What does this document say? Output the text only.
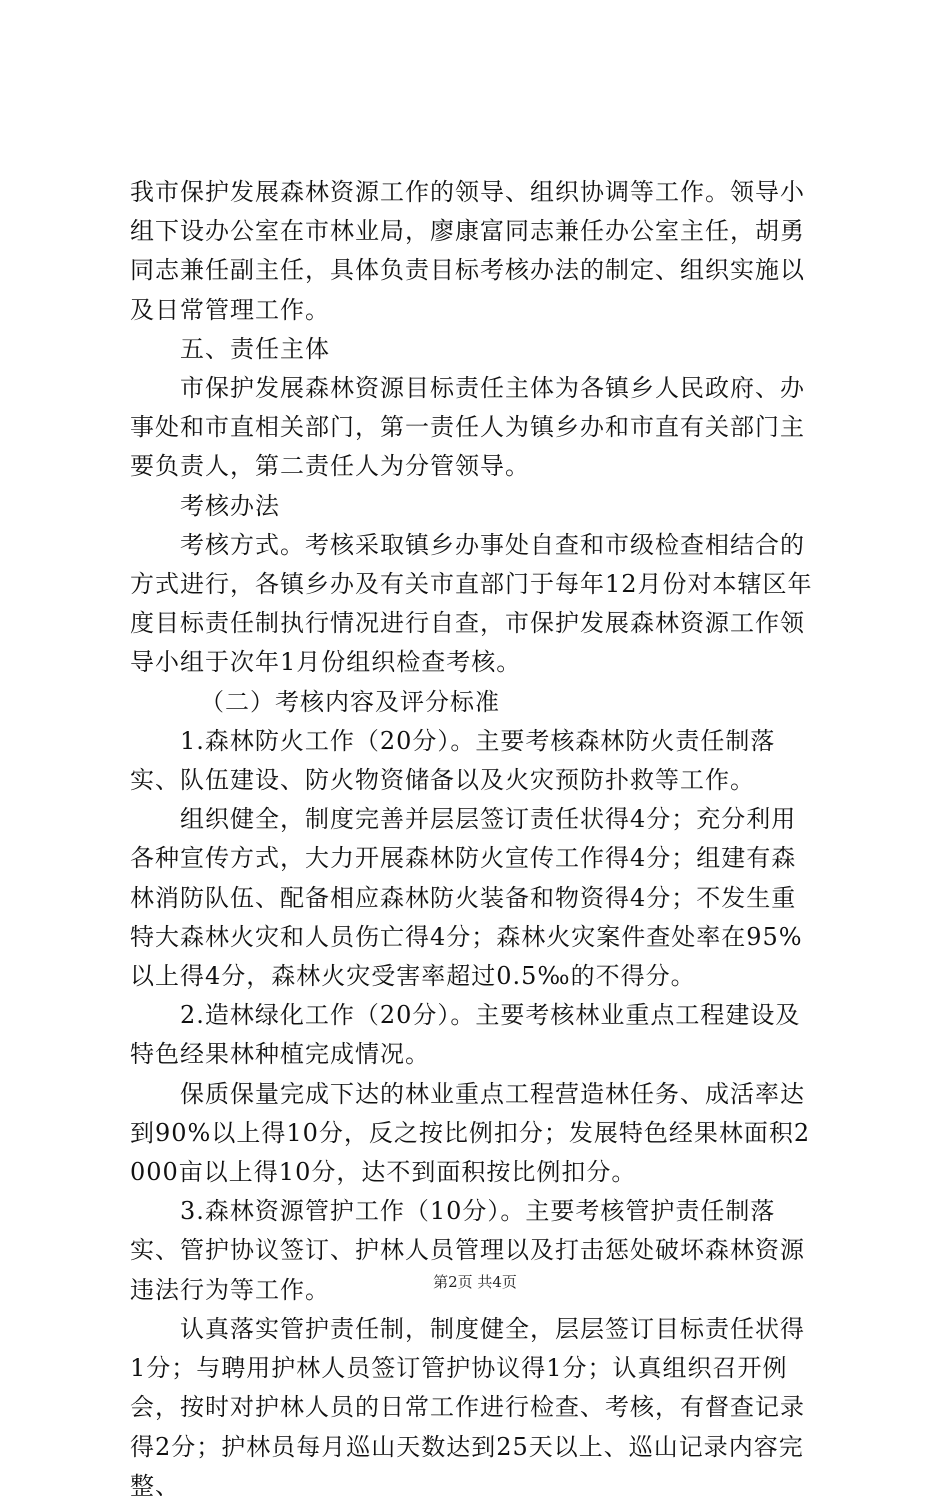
我市保护发展森林资源工作的领导、组织协调等工作。领导小组下设办公室在市林业局，廖康富同志兼任办公室主任，胡勇同志兼任副主任，具体负责目标考核办法的制定、组织实施以及日常管理工作。

五、责任主体

市保护发展森林资源目标责任主体为各镇乡人民政府、办事处和市直相关部门，第一责任人为镇乡办和市直有关部门主要负责人，第二责任人为分管领导。

考核办法

考核方式。考核采取镇乡办事处自查和市级检查相结合的方式进行，各镇乡办及有关市直部门于每年12月份对本辖区年度目标责任制执行情况进行自查，市保护发展森林资源工作领导小组于次年1月份组织检查考核。

（二）考核内容及评分标准

1.森林防火工作（20分）。主要考核森林防火责任制落实、队伍建设、防火物资储备以及火灾预防扑救等工作。

组织健全，制度完善并层层签订责任状得4分；充分利用各种宣传方式，大力开展森林防火宣传工作得4分；组建有森林消防队伍、配备相应森林防火装备和物资得4分；不发生重特大森林火灾和人员伤亡得4分；森林火灾案件查处率在95%以上得4分，森林火灾受害率超过0.5‰的不得分。

2.造林绿化工作（20分）。主要考核林业重点工程建设及特色经果林种植完成情况。

保质保量完成下达的林业重点工程营造林任务、成活率达到90%以上得10分，反之按比例扣分；发展特色经果林面积2000亩以上得10分，达不到面积按比例扣分。

3.森林资源管护工作（10分）。主要考核管护责任制落实、管护协议签订、护林人员管理以及打击惩处破坏森林资源违法行为等工作。

认真落实管护责任制，制度健全，层层签订目标责任状得1分；与聘用护林人员签订管护协议得1分；认真组织召开例会，按时对护林人员的日常工作进行检查、考核，有督查记录得2分；护林员每月巡山天数达到25天以上、巡山记录内容完整、

第2页 共4页
